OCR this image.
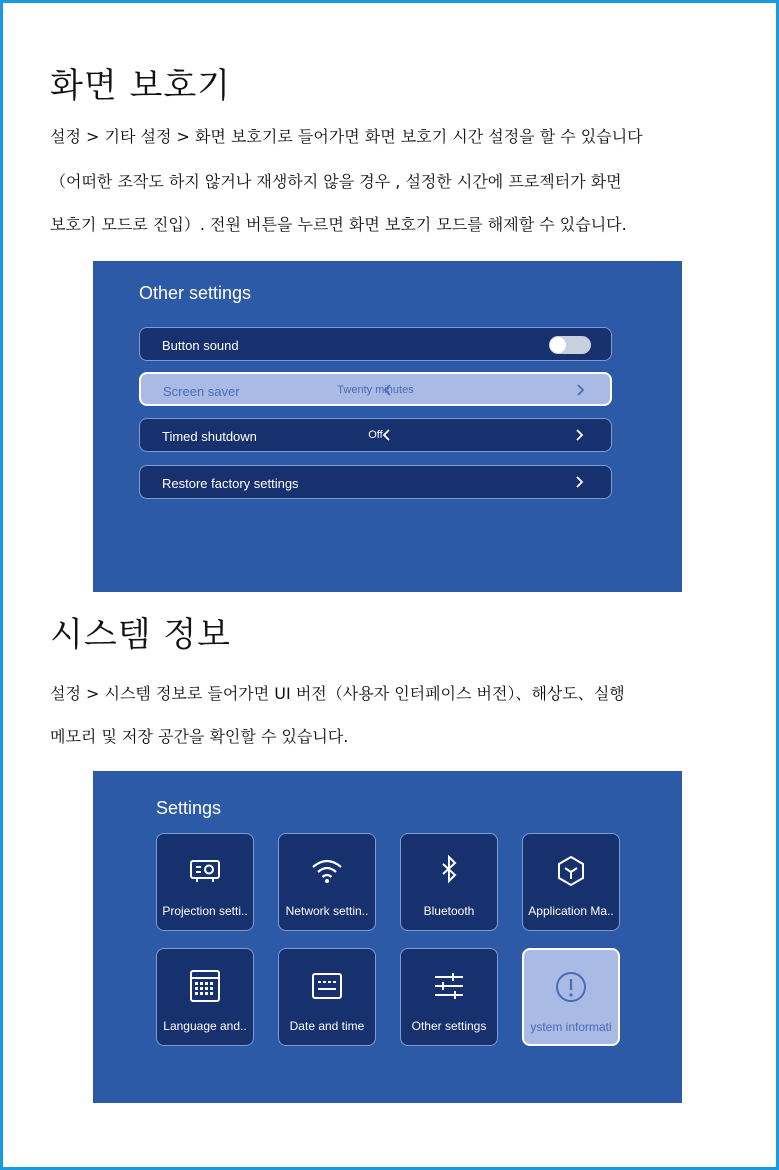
화면 보호기
설정 > 기타 설정 > 화면 보호기로 들어가면 화면 보호기 시간 설정을 할 수 있습니다
（어떠한 조작도 하지 않거나 재생하지 않을 경우 , 설정한 시간에 프로젝터가 화면
보호기 모드로 진입）. 전원 버튼을 누르면 화면 보호기 모드를 해제할 수 있습니다.
Other settings
Button sound
Screen saver	Twenty minutes
Timed shutdown	Off
Restore factory settings
시스템 정보
설정 > 시스템 정보로 들어가면 UI 버전（사용자 인터페이스 버전）、해상도、실행
메모리 및 저장 공간을 확인할 수 있습니다.
Settings
Projection setti..	Network settin..	Bluetooth	Application Ma..
Language and..	Date and time	Other settings	ystem informati
